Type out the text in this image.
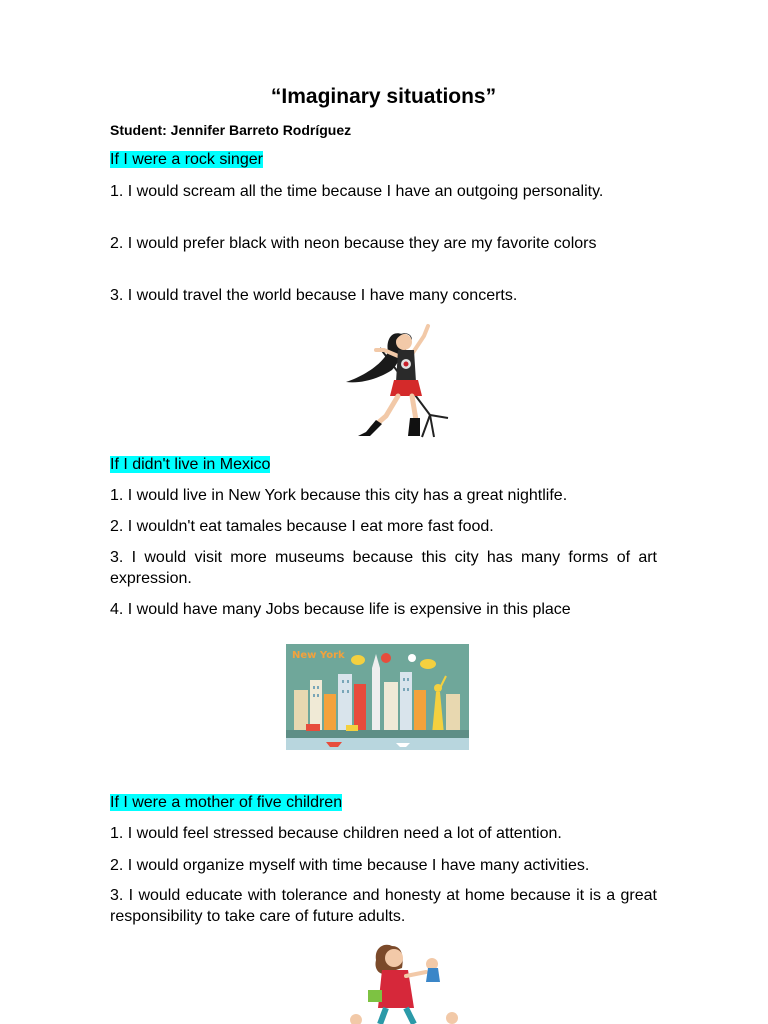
“Imaginary situations”

Student: Jennifer Barreto Rodríguez

If I were a rock singer

1. I would scream all the time because I have an outgoing personality.

2. I would prefer black with neon because they are my favorite colors

3. I would travel the world because I have many concerts.

If I didn't live in Mexico

1. I would live in New York because this city has a great nightlife.

2. I wouldn't eat tamales because I eat more fast food.

3. I would visit more museums because this city has many forms of art expression.

4. I would have many Jobs because life is expensive in this place

New York

If I were a mother of five children

1. I would feel stressed because children need a lot of attention.

2. I would organize myself with time because I have many activities.

3. I would educate with tolerance and honesty at home because it is a great responsibility to take care of future adults.
